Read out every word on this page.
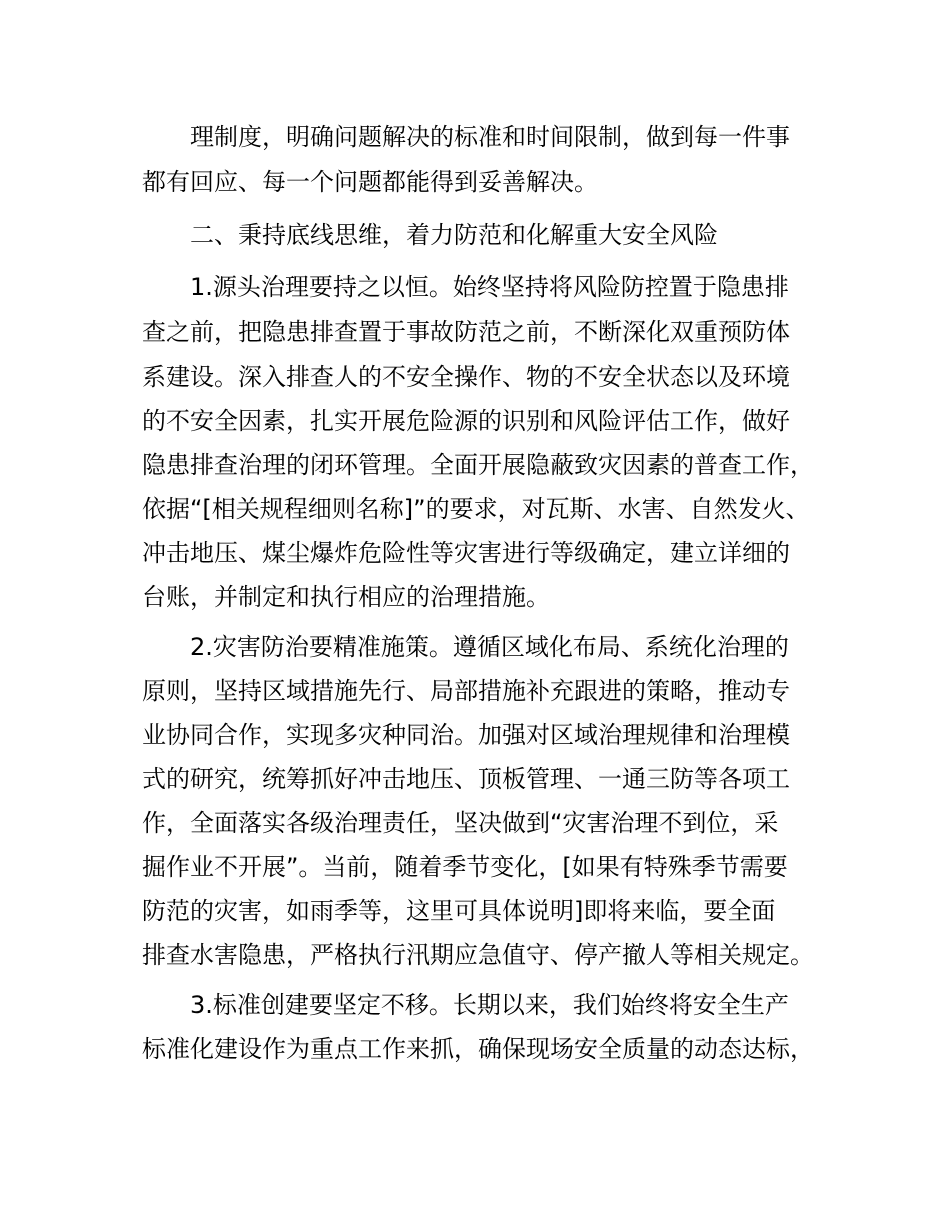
理制度，明确问题解决的标准和时间限制，做到每一件事
都有回应、每一个问题都能得到妥善解决。
二、秉持底线思维，着力防范和化解重大安全风险
1.源头治理要持之以恒。始终坚持将风险防控置于隐患排
查之前，把隐患排查置于事故防范之前，不断深化双重预防体
系建设。深入排查人的不安全操作、物的不安全状态以及环境
的不安全因素，扎实开展危险源的识别和风险评估工作，做好
隐患排查治理的闭环管理。全面开展隐蔽致灾因素的普查工作，
依据“[相关规程细则名称]”的要求，对瓦斯、水害、自然发火、
冲击地压、煤尘爆炸危险性等灾害进行等级确定，建立详细的
台账，并制定和执行相应的治理措施。
2.灾害防治要精准施策。遵循区域化布局、系统化治理的
原则，坚持区域措施先行、局部措施补充跟进的策略，推动专
业协同合作，实现多灾种同治。加强对区域治理规律和治理模
式的研究，统筹抓好冲击地压、顶板管理、一通三防等各项工
作，全面落实各级治理责任，坚决做到“灾害治理不到位，采
掘作业不开展”。当前，随着季节变化，[如果有特殊季节需要
防范的灾害，如雨季等，这里可具体说明]即将来临，要全面
排查水害隐患，严格执行汛期应急值守、停产撤人等相关规定。
3.标准创建要坚定不移。长期以来，我们始终将安全生产
标准化建设作为重点工作来抓，确保现场安全质量的动态达标，
